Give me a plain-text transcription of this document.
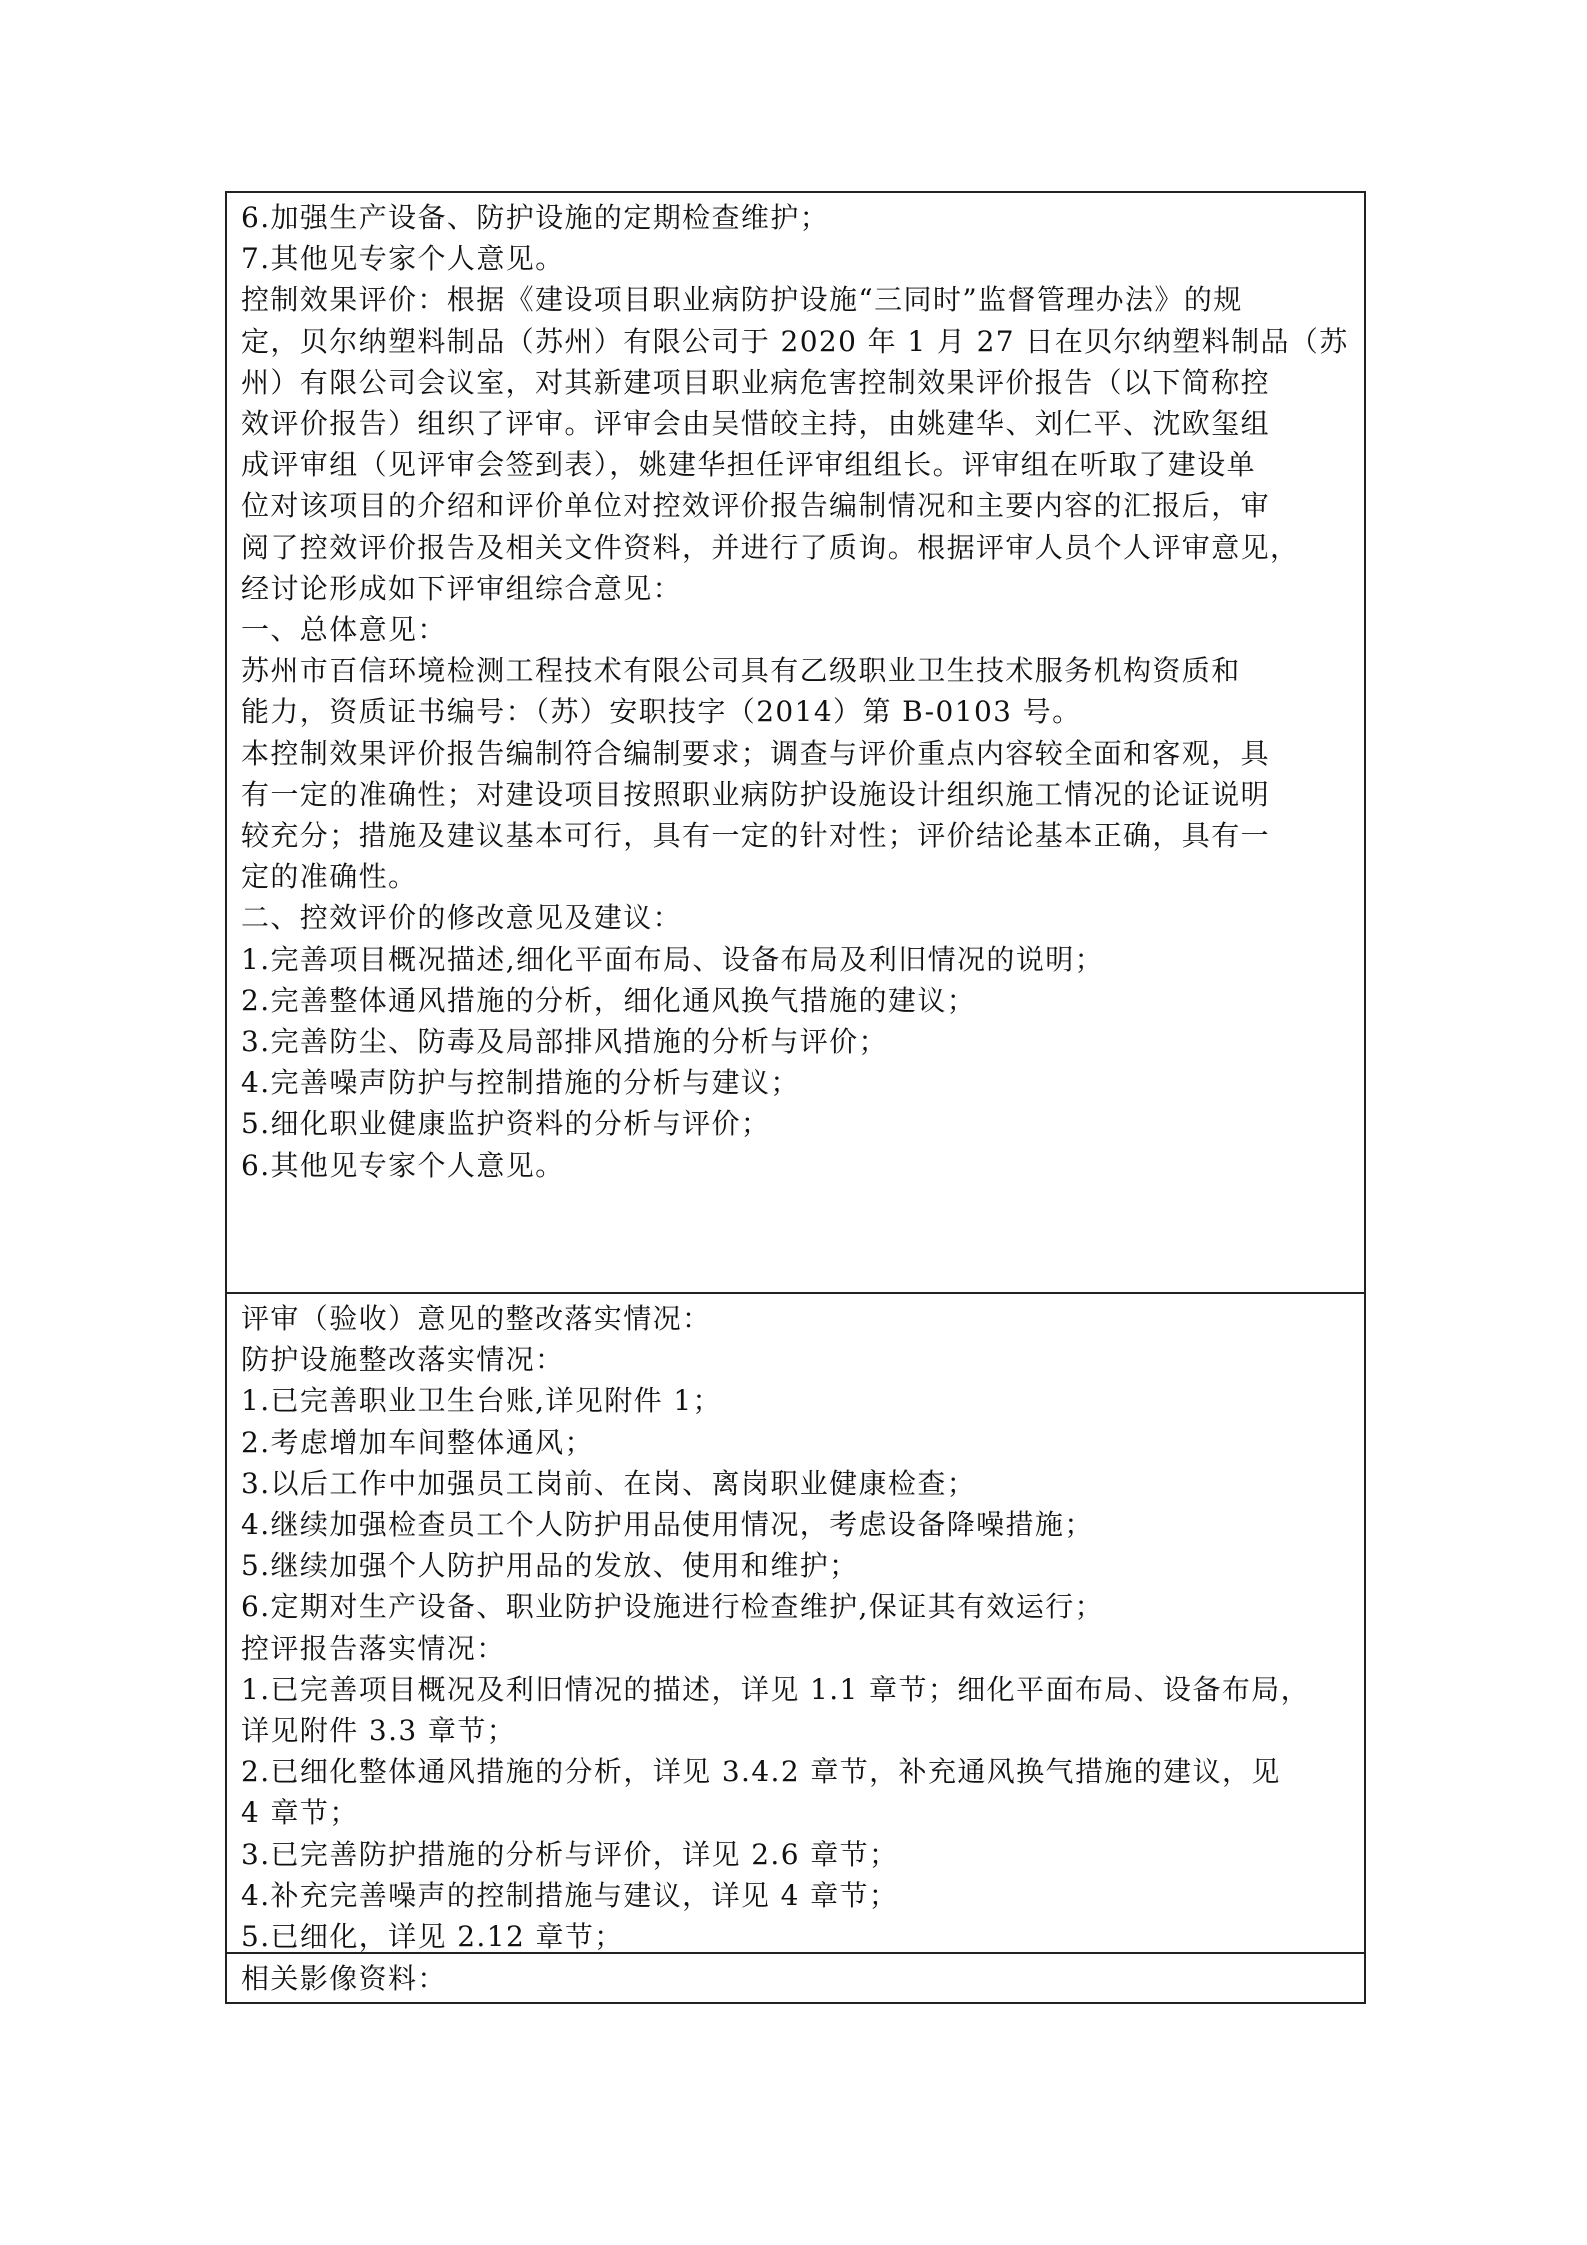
6.加强生产设备、防护设施的定期检查维护；
7.其他见专家个人意见。
控制效果评价：根据《建设项目职业病防护设施“三同时”监督管理办法》的规
定，贝尔纳塑料制品（苏州）有限公司于 2020 年 1 月 27 日在贝尔纳塑料制品（苏
州）有限公司会议室，对其新建项目职业病危害控制效果评价报告（以下简称控
效评价报告）组织了评审。评审会由吴惜皎主持，由姚建华、刘仁平、沈欧玺组
成评审组（见评审会签到表），姚建华担任评审组组长。评审组在听取了建设单
位对该项目的介绍和评价单位对控效评价报告编制情况和主要内容的汇报后，审
阅了控效评价报告及相关文件资料，并进行了质询。根据评审人员个人评审意见，
经讨论形成如下评审组综合意见：
一、总体意见：
苏州市百信环境检测工程技术有限公司具有乙级职业卫生技术服务机构资质和
能力，资质证书编号：（苏）安职技字（2014）第 B-0103 号。
本控制效果评价报告编制符合编制要求；调查与评价重点内容较全面和客观，具
有一定的准确性；对建设项目按照职业病防护设施设计组织施工情况的论证说明
较充分；措施及建议基本可行，具有一定的针对性；评价结论基本正确，具有一
定的准确性。
二、控效评价的修改意见及建议：
1.完善项目概况描述,细化平面布局、设备布局及利旧情况的说明；
2.完善整体通风措施的分析，细化通风换气措施的建议；
3.完善防尘、防毒及局部排风措施的分析与评价；
4.完善噪声防护与控制措施的分析与建议；
5.细化职业健康监护资料的分析与评价；
6.其他见专家个人意见。
评审（验收）意见的整改落实情况：
防护设施整改落实情况：
1.已完善职业卫生台账,详见附件 1；
2.考虑增加车间整体通风；
3.以后工作中加强员工岗前、在岗、离岗职业健康检查；
4.继续加强检查员工个人防护用品使用情况，考虑设备降噪措施；
5.继续加强个人防护用品的发放、使用和维护；
6.定期对生产设备、职业防护设施进行检查维护,保证其有效运行；
控评报告落实情况：
1.已完善项目概况及利旧情况的描述，详见 1.1 章节；细化平面布局、设备布局，
详见附件 3.3 章节；
2.已细化整体通风措施的分析，详见 3.4.2 章节，补充通风换气措施的建议，见
4 章节；
3.已完善防护措施的分析与评价，详见 2.6 章节；
4.补充完善噪声的控制措施与建议，详见 4 章节；
5.已细化，详见 2.12 章节；
相关影像资料：
